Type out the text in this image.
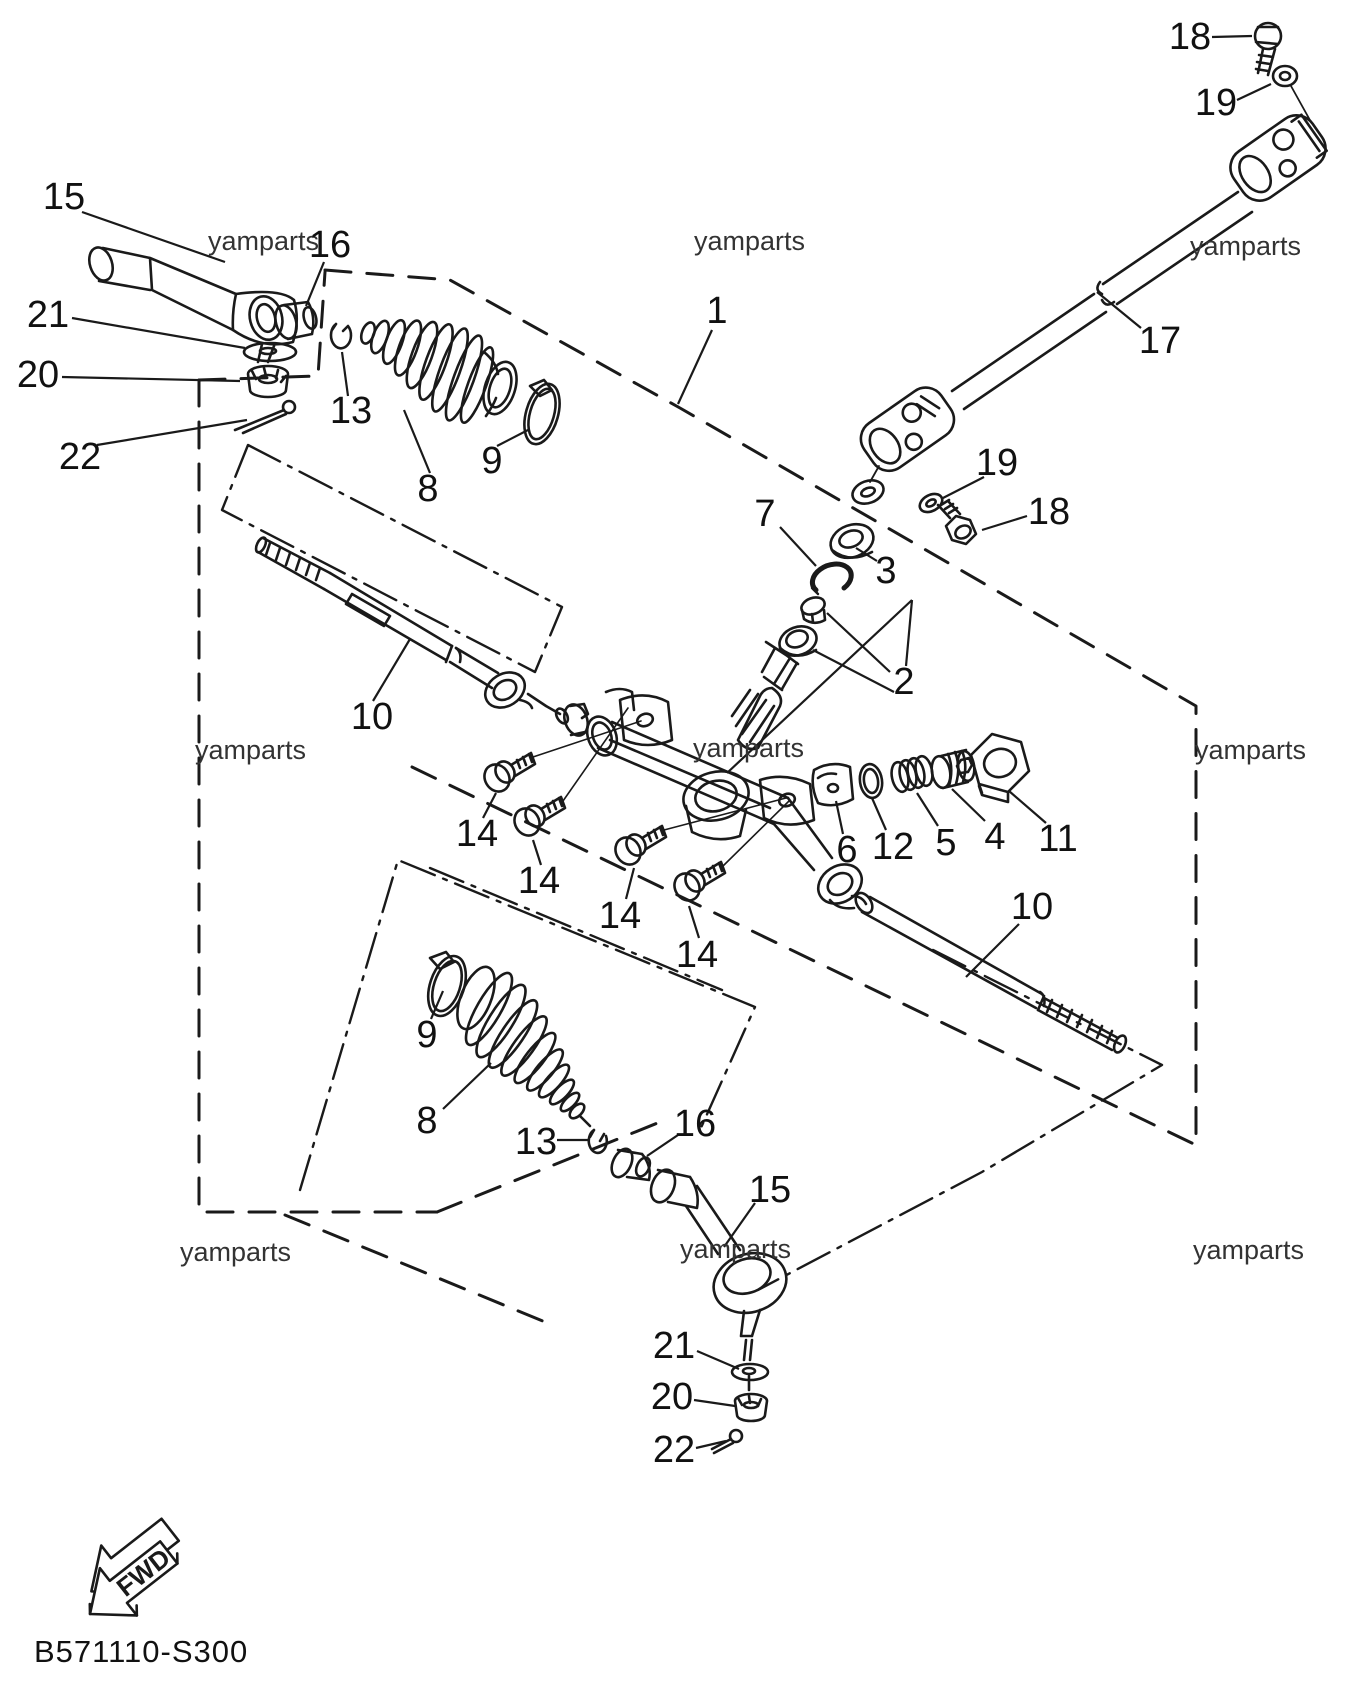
FWD
yamparts	yamparts	yamparts
yamparts	yamparts	yamparts
yamparts	yamparts	yamparts
15
16
21
20
22
13
8
9
1
18
19
17
19
18
7
3
2
10
14
14
14
14
6 12 5 4 11
10
9
8 13	16
15
21
20
22
B571110-S300
